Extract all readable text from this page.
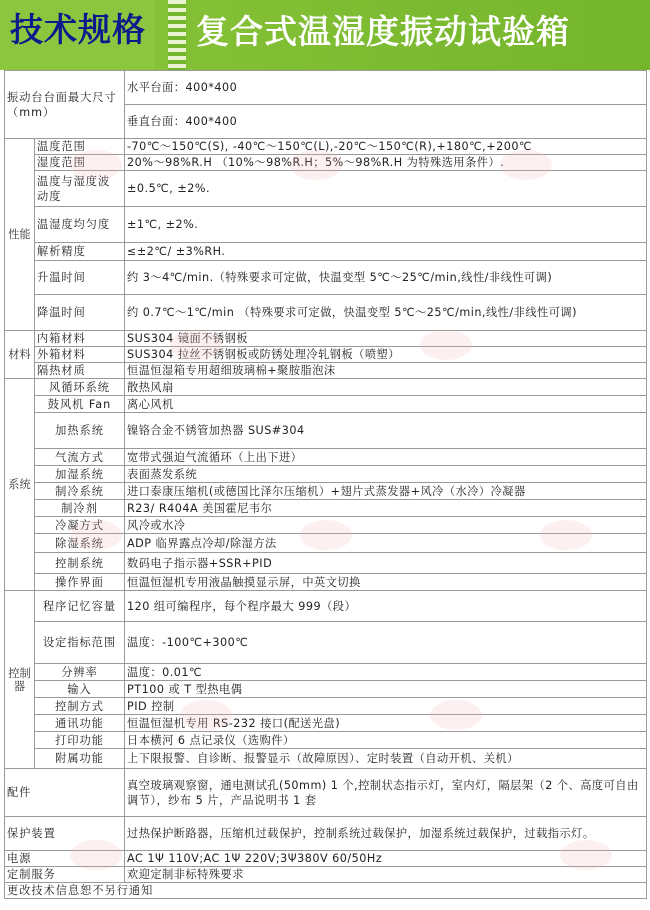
技术规格 复合式温湿度振动试验箱
振动台台面最大尺寸（mm）		水平台面：400*400
		垂直台面：400*400
性能	温度范围	-70℃～150℃(S), -40℃～150℃(L),-20℃～150℃(R),+180℃,+200℃
	湿度范围	20%～98%R.H （10%～98%R.H；5%～98%R.H 为特殊选用条件）.
	温度与湿度波动度	±0.5℃, ±2%.
	温湿度均匀度	±1℃, ±2%.
	解析精度	≤±2℃/ ±3%RH.
	升温时间	约 3～4℃/min.（特殊要求可定做，快温变型 5℃～25℃/min,线性/非线性可调)
	降温时间	约 0.7℃～1℃/min （特殊要求可定做，快温变型 5℃～25℃/min,线性/非线性可调)
材料	内箱材料	SUS304 镜面不锈钢板
	外箱材料	SUS304 拉丝不锈钢板或防锈处理冷轧钢板（喷塑）
	隔热材质	恒温恒湿箱专用超细玻璃棉+聚胺脂泡沫
系统	风循环系统	散热风扇
	鼓风机 Fan	离心风机
	加热系统	镍铬合金不锈管加热器 SUS#304
	气流方式	宽带式强迫气流循环（上出下进）
	加湿系统	表面蒸发系统
	制冷系统	进口泰康压缩机(或德国比泽尔压缩机）+翅片式蒸发器+风冷（水冷）冷凝器
	制冷剂	R23/ R404A 美国霍尼韦尔
	冷凝方式	风冷或水冷
	除湿系统	ADP 临界露点冷却/除湿方法
	控制系统	数码电子指示器+SSR+PID
	操作界面	恒温恒湿机专用液晶触摸显示屏，中英文切换
控制器	程序记忆容量	120 组可编程序，每个程序最大 999（段）
	设定指标范围	温度：-100℃+300℃
	分辨率	温度：0.01℃
	输入	PT100 或 T 型热电偶
	控制方式	PID 控制
	通讯功能	恒温恒湿机专用 RS-232 接口(配送光盘)
	打印功能	日本横河 6 点记录仪（选购件）
	附属功能	上下限报警、自诊断、报警显示（故障原因）、定时装置（自动开机、关机）
配件		真空玻璃观察窗，通电测试孔(50mm) 1 个,控制状态指示灯，室内灯，隔层架（2 个、高度可自由调节），纱布 5 片，产品说明书 1 套
保护装置		过热保护断路器，压缩机过载保护，控制系统过载保护，加湿系统过载保护，过载指示灯。
电源		AC 1Ψ 110V;AC 1Ψ 220V;3Ψ380V 60/50Hz
定制服务		欢迎定制非标特殊要求
更改技术信息恕不另行通知		
